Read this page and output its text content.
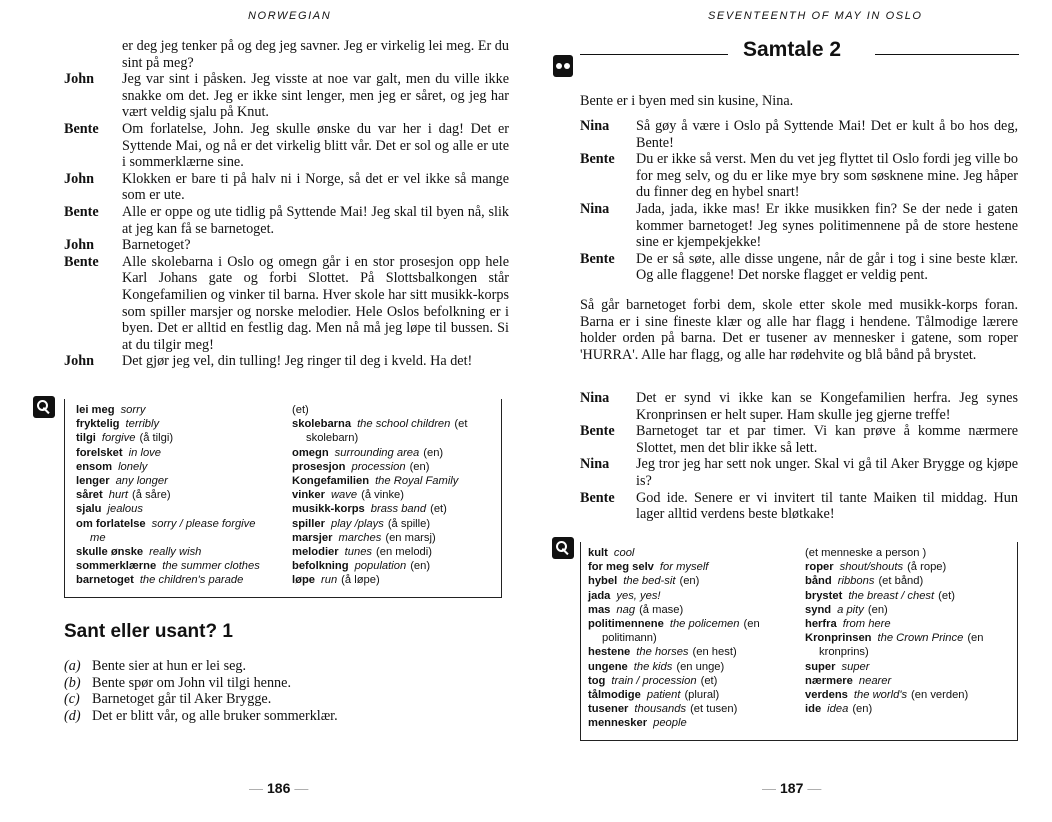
NORWEGIAN	SEVENTEENTH OF MAY IN OSLO
er deg jeg tenker på og deg jeg savner. Jeg er virkelig lei meg. Er du sint på meg?
John	Jeg var sint i påsken. Jeg visste at noe var galt, men du ville ikke snakke om det. Jeg er ikke sint lenger, men jeg er såret, og jeg har vært veldig sjalu på Knut.
Bente	Om forlatelse, John. Jeg skulle ønske du var her i dag! Det er Syttende Mai, og nå er det virkelig blitt vår. Det er sol og alle er ute i sommerklærne sine.
John	Klokken er bare ti på halv ni i Norge, så det er vel ikke så mange som er ute.
Bente	Alle er oppe og ute tidlig på Syttende Mai! Jeg skal til byen nå, slik at jeg kan få se barnetoget.
John	Barnetoget?
Bente	Alle skolebarna i Oslo og omegn går i en stor prosesjon opp hele Karl Johans gate og forbi Slottet. På Slottsbalkongen står Kongefamilien og vinker til barna. Hver skole har sitt musikk-korps som spiller marsjer og norske melodier. Hele Oslos befolkning er i byen. Det er alltid en festlig dag. Men nå må jeg løpe til bussen. Si at du tilgir meg!
John	Det gjør jeg vel, din tulling! Jeg ringer til deg i kveld. Ha det!
lei meg sorry
fryktelig terribly
tilgi forgive (å tilgi)
forelsket in love
ensom lonely
lenger any longer
såret hurt (å såre)
sjalu jealous
om forlatelse sorry / please forgive
me
skulle ønske really wish
sommerklærne the summer clothes
barnetoget the children's parade
(et)
skolebarna the school children (et
skolebarn)
omegn surrounding area (en)
prosesjon procession (en)
Kongefamilien the Royal Family
vinker wave (å vinke)
musikk-korps brass band (et)
spiller play /plays (å spille)
marsjer marches (en marsj)
melodier tunes (en melodi)
befolkning population (en)
løpe run (å løpe)
Sant eller usant? 1
(a) Bente sier at hun er lei seg.
(b) Bente spør om John vil tilgi henne.
(c) Barnetoget går til Aker Brygge.
(d) Det er blitt vår, og alle bruker sommerklær.
— 186 —
Samtale 2
Bente er i byen med sin kusine, Nina.
Nina	Så gøy å være i Oslo på Syttende Mai! Det er kult å bo hos deg, Bente!
Bente	Du er ikke så verst. Men du vet jeg flyttet til Oslo fordi jeg ville bo for meg selv, og du er like mye bry som søsknene mine. Jeg håper du finner deg en hybel snart!
Nina	Jada, jada, ikke mas! Er ikke musikken fin? Se der nede i gaten kommer barnetoget! Jeg synes politimennene på de store hestene sine er kjempekjekke!
Bente	De er så søte, alle disse ungene, når de går i tog i sine beste klær. Og alle flaggene! Det norske flagget er veldig pent.
Så går barnetoget forbi dem, skole etter skole med musikk-korps foran. Barna er i sine fineste klær og alle har flagg i hendene. Tålmodige lærere holder orden på barna. Det er tusener av mennesker i gatene, som roper 'HURRA'. Alle har flagg, og alle har rødehvite og blå bånd på brystet.
Nina	Det er synd vi ikke kan se Kongefamilien herfra. Jeg synes Kronprinsen er helt super. Ham skulle jeg gjerne treffe!
Bente	Barnetoget tar et par timer. Vi kan prøve å komme nærmere Slottet, men det blir ikke så lett.
Nina	Jeg tror jeg har sett nok unger. Skal vi gå til Aker Brygge og kjøpe is?
Bente	God ide. Senere er vi invitert til tante Maiken til middag. Hun lager alltid verdens beste bløtkake!
kult cool
for meg selv for myself
hybel the bed-sit (en)
jada yes, yes!
mas nag (å mase)
politimennene the policemen (en
politimann)
hestene the horses (en hest)
ungene the kids (en unge)
tog train / procession (et)
tålmodige patient (plural)
tusener thousands (et tusen)
mennesker people
(et menneske a person )
roper shout/shouts (å rope)
bånd ribbons (et bånd)
brystet the breast / chest (et)
synd a pity (en)
herfra from here
Kronprinsen the Crown Prince (en
kronprins)
super super
nærmere nearer
verdens the world's (en verden)
ide idea (en)
— 187 —
